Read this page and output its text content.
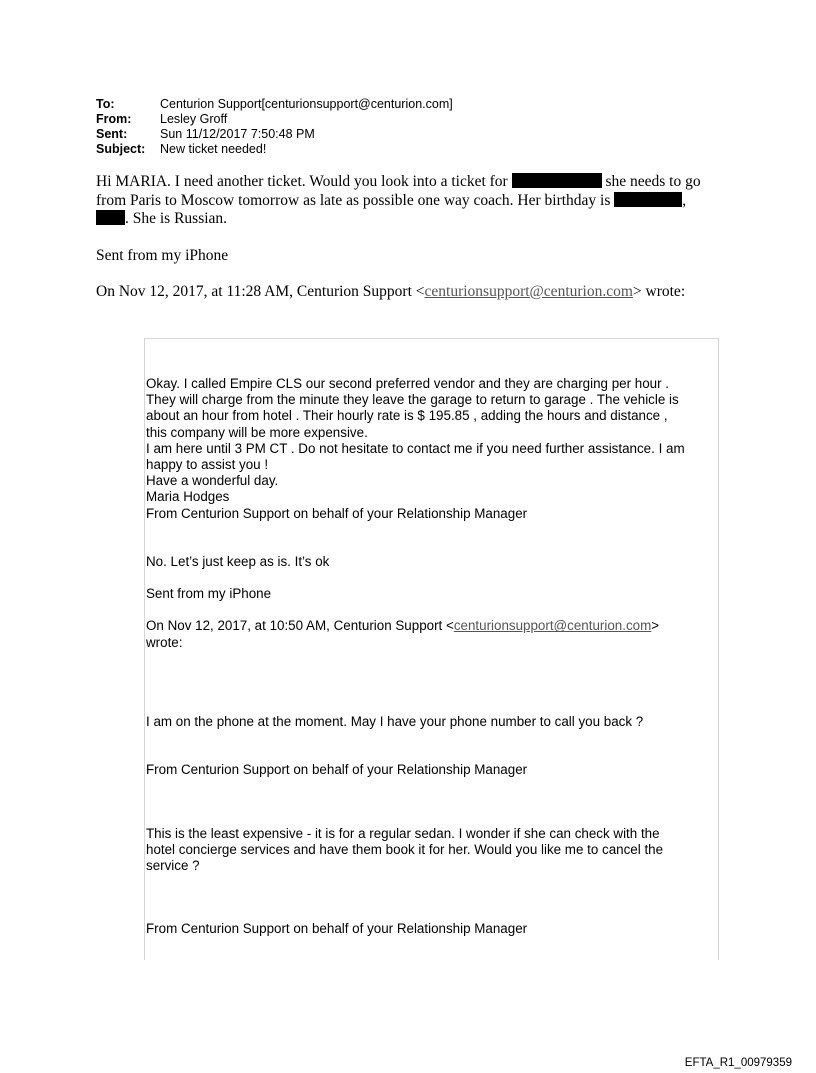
To:	Centurion Support[centurionsupport@centurion.com]
From:	Lesley Groff
Sent:	Sun 11/12/2017 7:50:48 PM
Subject:	New ticket needed!

Hi MARIA. I need another ticket. Would you look into a ticket for	she needs to go
from Paris to Moscow tomorrow as late as possible one way coach. Her birthday is	,
. She is Russian.

Sent from my iPhone

On Nov 12, 2017, at 11:28 AM, Centurion Support <centurionsupport@centurion.com> wrote:

Okay. I called Empire CLS our second preferred vendor and they are charging per hour .

They will charge from the minute they leave the garage to return to garage . The vehicle is

about an hour from hotel . Their hourly rate is $ 195.85 , adding the hours and distance ,

this company will be more expensive.

I am here until 3 PM CT . Do not hesitate to contact me if you need further assistance. I am

happy to assist you !

Have a wonderful day.

Maria Hodges

From Centurion Support on behalf of your Relationship Manager

No. Let’s just keep as is. It’s ok

Sent from my iPhone

On Nov 12, 2017, at 10:50 AM, Centurion Support <centurionsupport@centurion.com>

wrote:

I am on the phone at the moment. May I have your phone number to call you back ?

From Centurion Support on behalf of your Relationship Manager

This is the least expensive - it is for a regular sedan. I wonder if she can check with the

hotel concierge services and have them book it for her. Would you like me to cancel the

service ?

From Centurion Support on behalf of your Relationship Manager

EFTA_R1_00979359
